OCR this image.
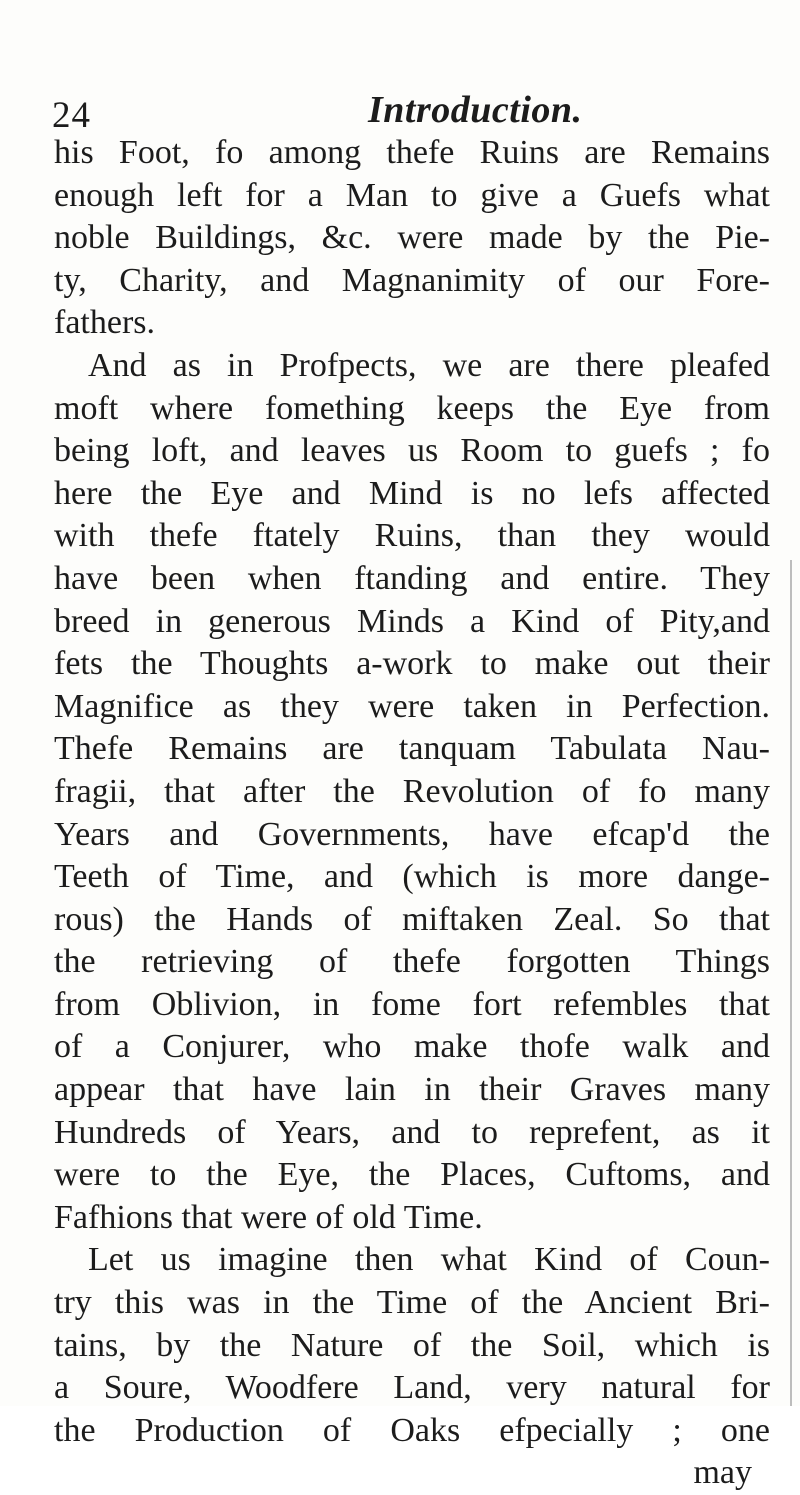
24	Introduction.
his Foot, fo among thefe Ruins are Remains
enough left for a Man to give a Guefs what
noble Buildings, &c. were made by the Pie-
ty, Charity, and Magnanimity of our Fore-
fathers.
And as in Profpects, we are there pleafed
moft where fomething keeps the Eye from
being loft, and leaves us Room to guefs ; fo
here the Eye and Mind is no lefs affected
with thefe ftately Ruins, than they would
have been when ftanding and entire. They
breed in generous Minds a Kind of Pity,and
fets the Thoughts a-work to make out their
Magnifice as they were taken in Perfection.
Thefe Remains are tanquam Tabulata Nau-
fragii, that after the Revolution of fo many
Years and Governments, have efcap'd the
Teeth of Time, and (which is more dange-
rous) the Hands of miftaken Zeal. So that
the retrieving of thefe forgotten Things
from Oblivion, in fome fort refembles that
of a Conjurer, who make thofe walk and
appear that have lain in their Graves many
Hundreds of Years, and to reprefent, as it
were to the Eye, the Places, Cuftoms, and
Fafhions that were of old Time.
Let us imagine then what Kind of Coun-
try this was in the Time of the Ancient Bri-
tains, by the Nature of the Soil, which is
a Soure, Woodfere Land, very natural for
the Production of Oaks efpecially ; one
may
